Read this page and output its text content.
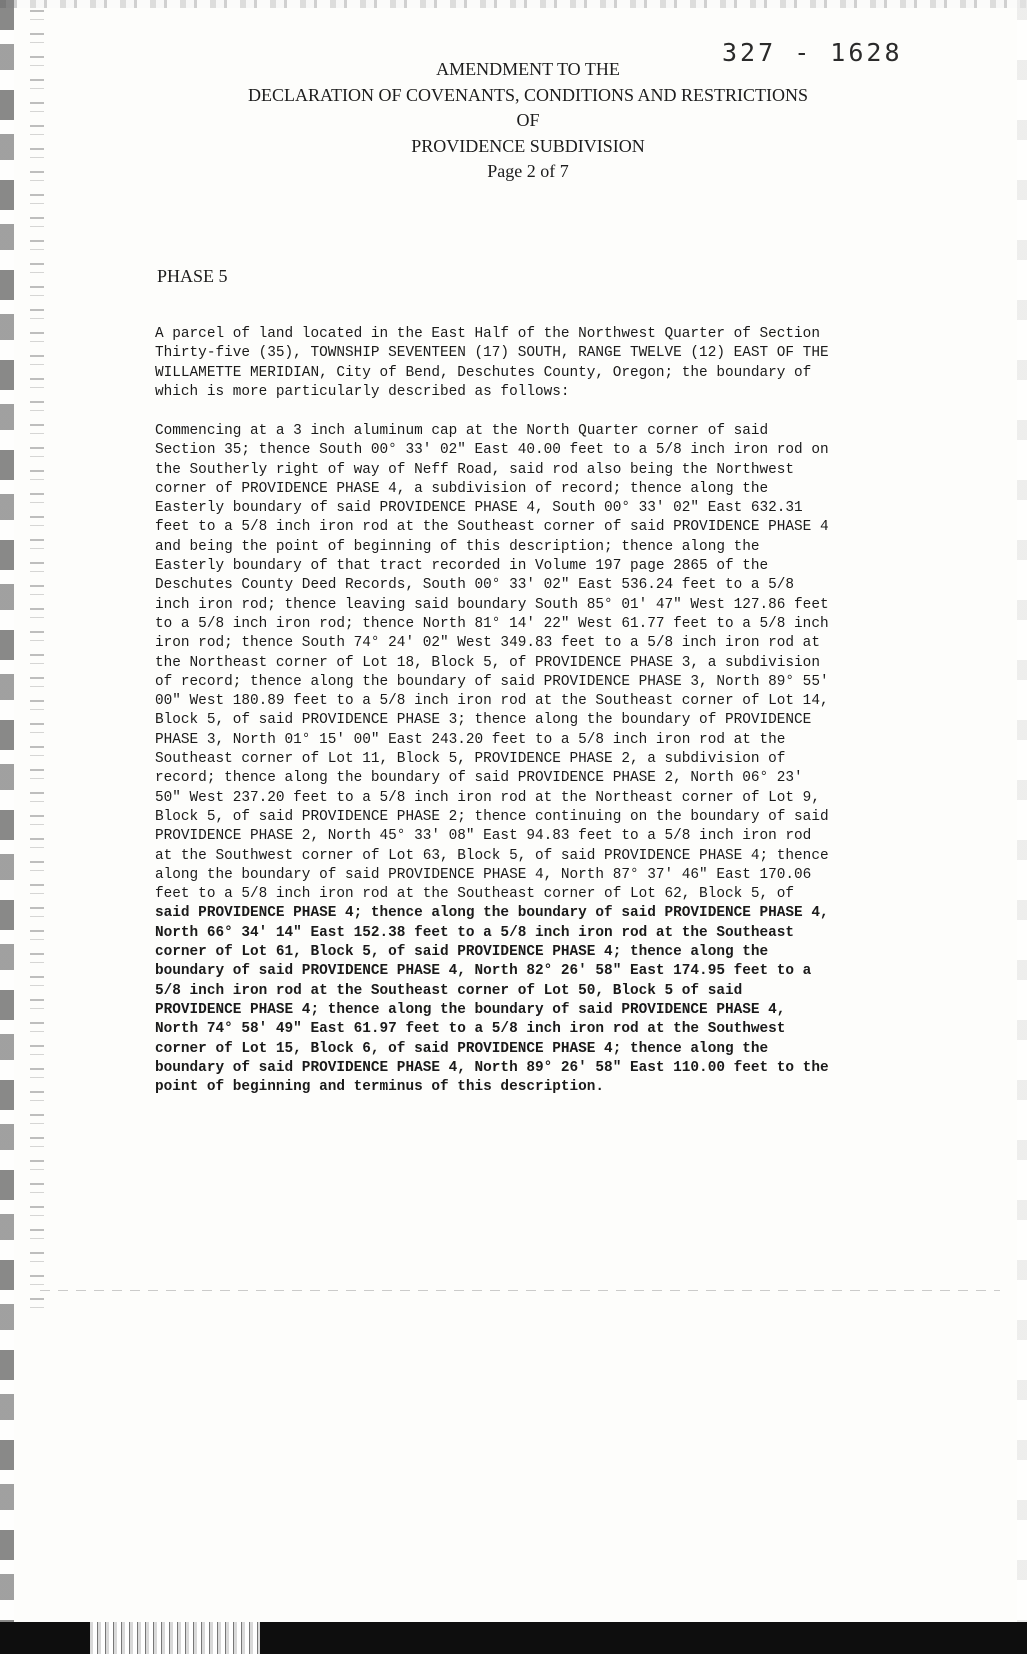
327 - 1628
AMENDMENT TO THE
DECLARATION OF COVENANTS, CONDITIONS AND RESTRICTIONS
OF
PROVIDENCE SUBDIVISION
Page 2 of 7
PHASE 5
A parcel of land located in the East Half of the Northwest Quarter of Section
Thirty-five (35), TOWNSHIP SEVENTEEN (17) SOUTH, RANGE TWELVE (12) EAST OF THE
WILLAMETTE MERIDIAN, City of Bend, Deschutes County, Oregon; the boundary of
which is more particularly described as follows:
Commencing at a 3 inch aluminum cap at the North Quarter corner of said
Section 35; thence South 00° 33' 02" East 40.00 feet to a 5/8 inch iron rod on
the Southerly right of way of Neff Road, said rod also being the Northwest
corner of PROVIDENCE PHASE 4, a subdivision of record; thence along the
Easterly boundary of said PROVIDENCE PHASE 4, South 00° 33' 02" East 632.31
feet to a 5/8 inch iron rod at the Southeast corner of said PROVIDENCE PHASE 4
and being the point of beginning of this description; thence along the
Easterly boundary of that tract recorded in Volume 197 page 2865 of the
Deschutes County Deed Records, South 00° 33' 02" East 536.24 feet to a 5/8
inch iron rod; thence leaving said boundary South 85° 01' 47" West 127.86 feet
to a 5/8 inch iron rod; thence North 81° 14' 22" West 61.77 feet to a 5/8 inch
iron rod; thence South 74° 24' 02" West 349.83 feet to a 5/8 inch iron rod at
the Northeast corner of Lot 18, Block 5, of PROVIDENCE PHASE 3, a subdivision
of record; thence along the boundary of said PROVIDENCE PHASE 3, North 89° 55'
00" West 180.89 feet to a 5/8 inch iron rod at the Southeast corner of Lot 14,
Block 5, of said PROVIDENCE PHASE 3; thence along the boundary of PROVIDENCE
PHASE 3, North 01° 15' 00" East 243.20 feet to a 5/8 inch iron rod at the
Southeast corner of Lot 11, Block 5, PROVIDENCE PHASE 2, a subdivision of
record; thence along the boundary of said PROVIDENCE PHASE 2, North 06° 23'
50" West 237.20 feet to a 5/8 inch iron rod at the Northeast corner of Lot 9,
Block 5, of said PROVIDENCE PHASE 2; thence continuing on the boundary of said
PROVIDENCE PHASE 2, North 45° 33' 08" East 94.83 feet to a 5/8 inch iron rod
at the Southwest corner of Lot 63, Block 5, of said PROVIDENCE PHASE 4; thence
along the boundary of said PROVIDENCE PHASE 4, North 87° 37' 46" East 170.06
feet to a 5/8 inch iron rod at the Southeast corner of Lot 62, Block 5, of
said PROVIDENCE PHASE 4; thence along the boundary of said PROVIDENCE PHASE 4,
North 66° 34' 14" East 152.38 feet to a 5/8 inch iron rod at the Southeast
corner of Lot 61, Block 5, of said PROVIDENCE PHASE 4; thence along the
boundary of said PROVIDENCE PHASE 4, North 82° 26' 58" East 174.95 feet to a
5/8 inch iron rod at the Southeast corner of Lot 50, Block 5 of said
PROVIDENCE PHASE 4; thence along the boundary of said PROVIDENCE PHASE 4,
North 74° 58' 49" East 61.97 feet to a 5/8 inch iron rod at the Southwest
corner of Lot 15, Block 6, of said PROVIDENCE PHASE 4; thence along the
boundary of said PROVIDENCE PHASE 4, North 89° 26' 58" East 110.00 feet to the
point of beginning and terminus of this description.
